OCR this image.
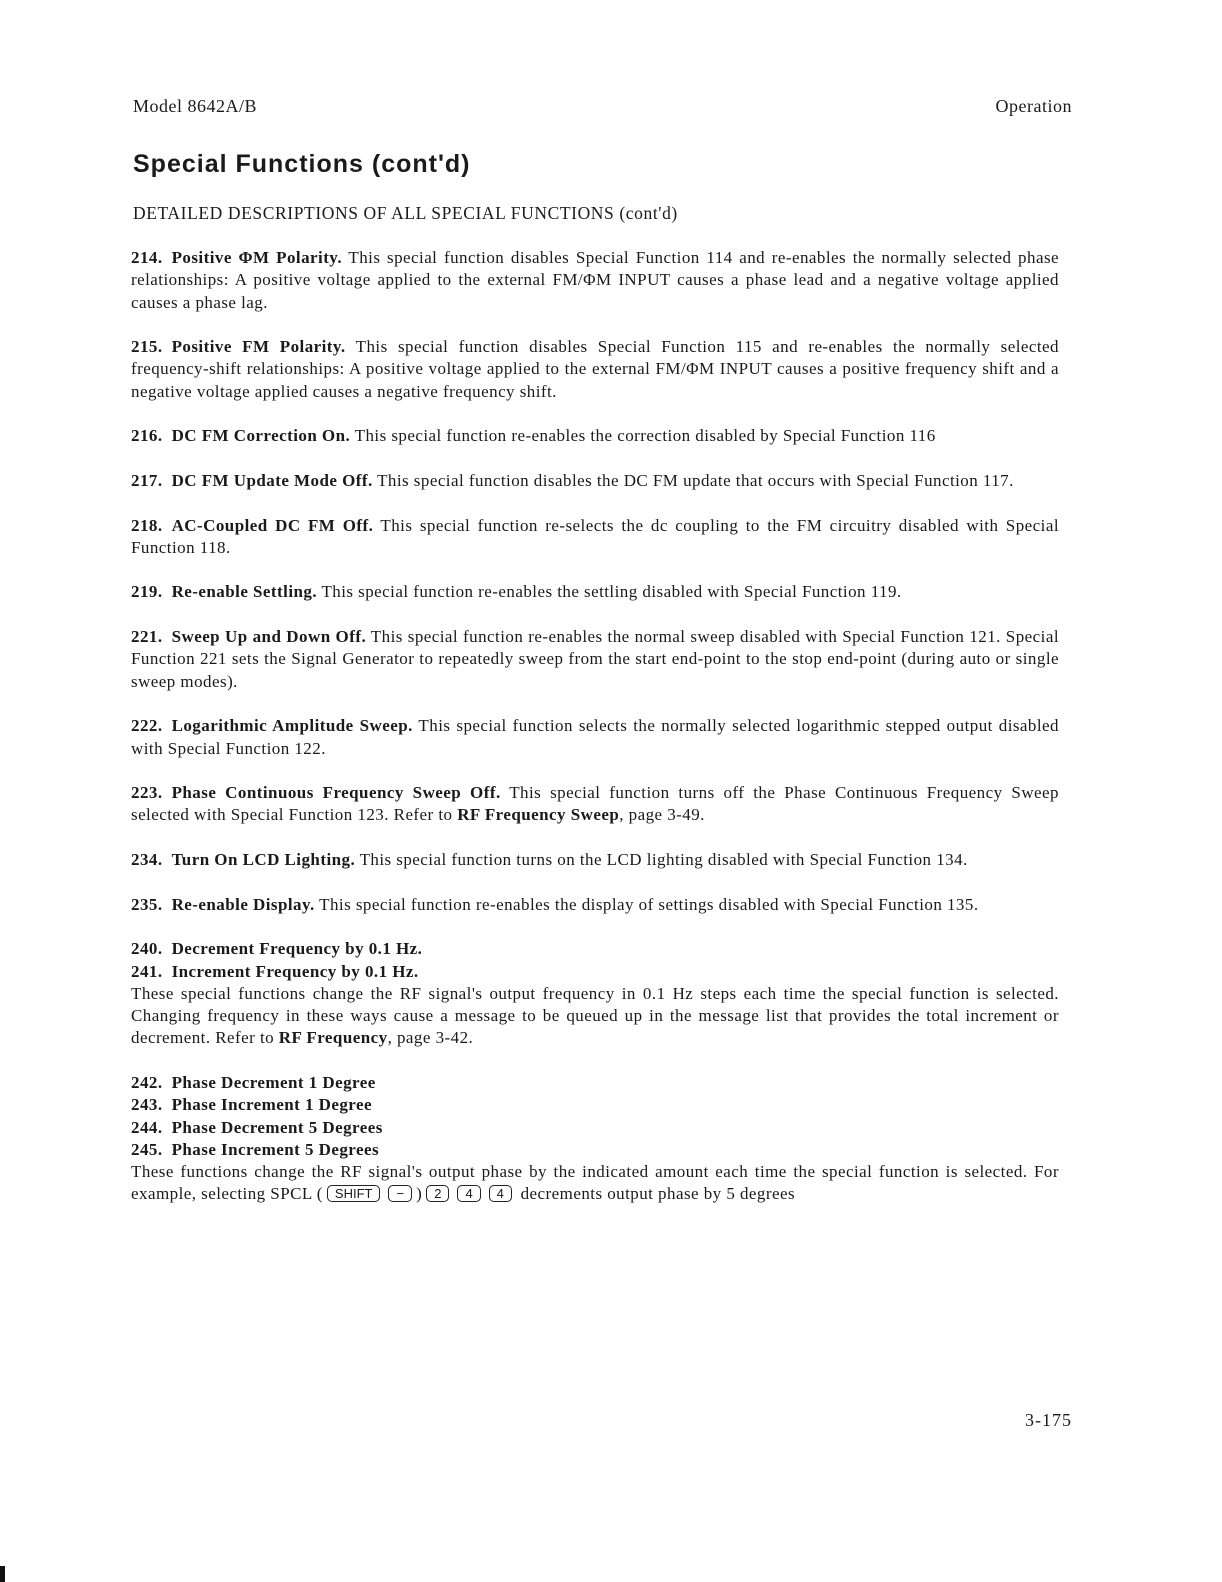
Model 8642A/B	Operation
Special Functions (cont'd)
DETAILED DESCRIPTIONS OF ALL SPECIAL FUNCTIONS (cont'd)

214. Positive ΦM Polarity. This special function disables Special Function 114 and re-enables the normally selected phase relationships: A positive voltage applied to the external FM/ΦM INPUT causes a phase lead and a negative voltage applied causes a phase lag.

215. Positive FM Polarity. This special function disables Special Function 115 and re-enables the normally selected frequency-shift relationships: A positive voltage applied to the external FM/ΦM INPUT causes a positive frequency shift and a negative voltage applied causes a negative frequency shift.

216. DC FM Correction On. This special function re-enables the correction disabled by Special Function 116

217. DC FM Update Mode Off. This special function disables the DC FM update that occurs with Special Function 117.

218. AC-Coupled DC FM Off. This special function re-selects the dc coupling to the FM circuitry disabled with Special Function 118.

219. Re-enable Settling. This special function re-enables the settling disabled with Special Function 119.

221. Sweep Up and Down Off. This special function re-enables the normal sweep disabled with Special Function 121. Special Function 221 sets the Signal Generator to repeatedly sweep from the start end-point to the stop end-point (during auto or single sweep modes).

222. Logarithmic Amplitude Sweep. This special function selects the normally selected logarithmic stepped output disabled with Special Function 122.

223. Phase Continuous Frequency Sweep Off. This special function turns off the Phase Continuous Frequency Sweep selected with Special Function 123. Refer to RF Frequency Sweep, page 3-49.

234. Turn On LCD Lighting. This special function turns on the LCD lighting disabled with Special Function 134.

235. Re-enable Display. This special function re-enables the display of settings disabled with Special Function 135.

240. Decrement Frequency by 0.1 Hz.

241. Increment Frequency by 0.1 Hz.

These special functions change the RF signal's output frequency in 0.1 Hz steps each time the special function is selected. Changing frequency in these ways cause a message to be queued up in the message list that provides the total increment or decrement. Refer to RF Frequency, page 3-42.

242. Phase Decrement 1 Degree

243. Phase Increment 1 Degree

244. Phase Decrement 5 Degrees

245. Phase Increment 5 Degrees

These functions change the RF signal's output phase by the indicated amount each time the special function is selected. For example, selecting SPCL ( SHIFT − ) 2 4 4 decrements output phase by 5 degrees

3-175
